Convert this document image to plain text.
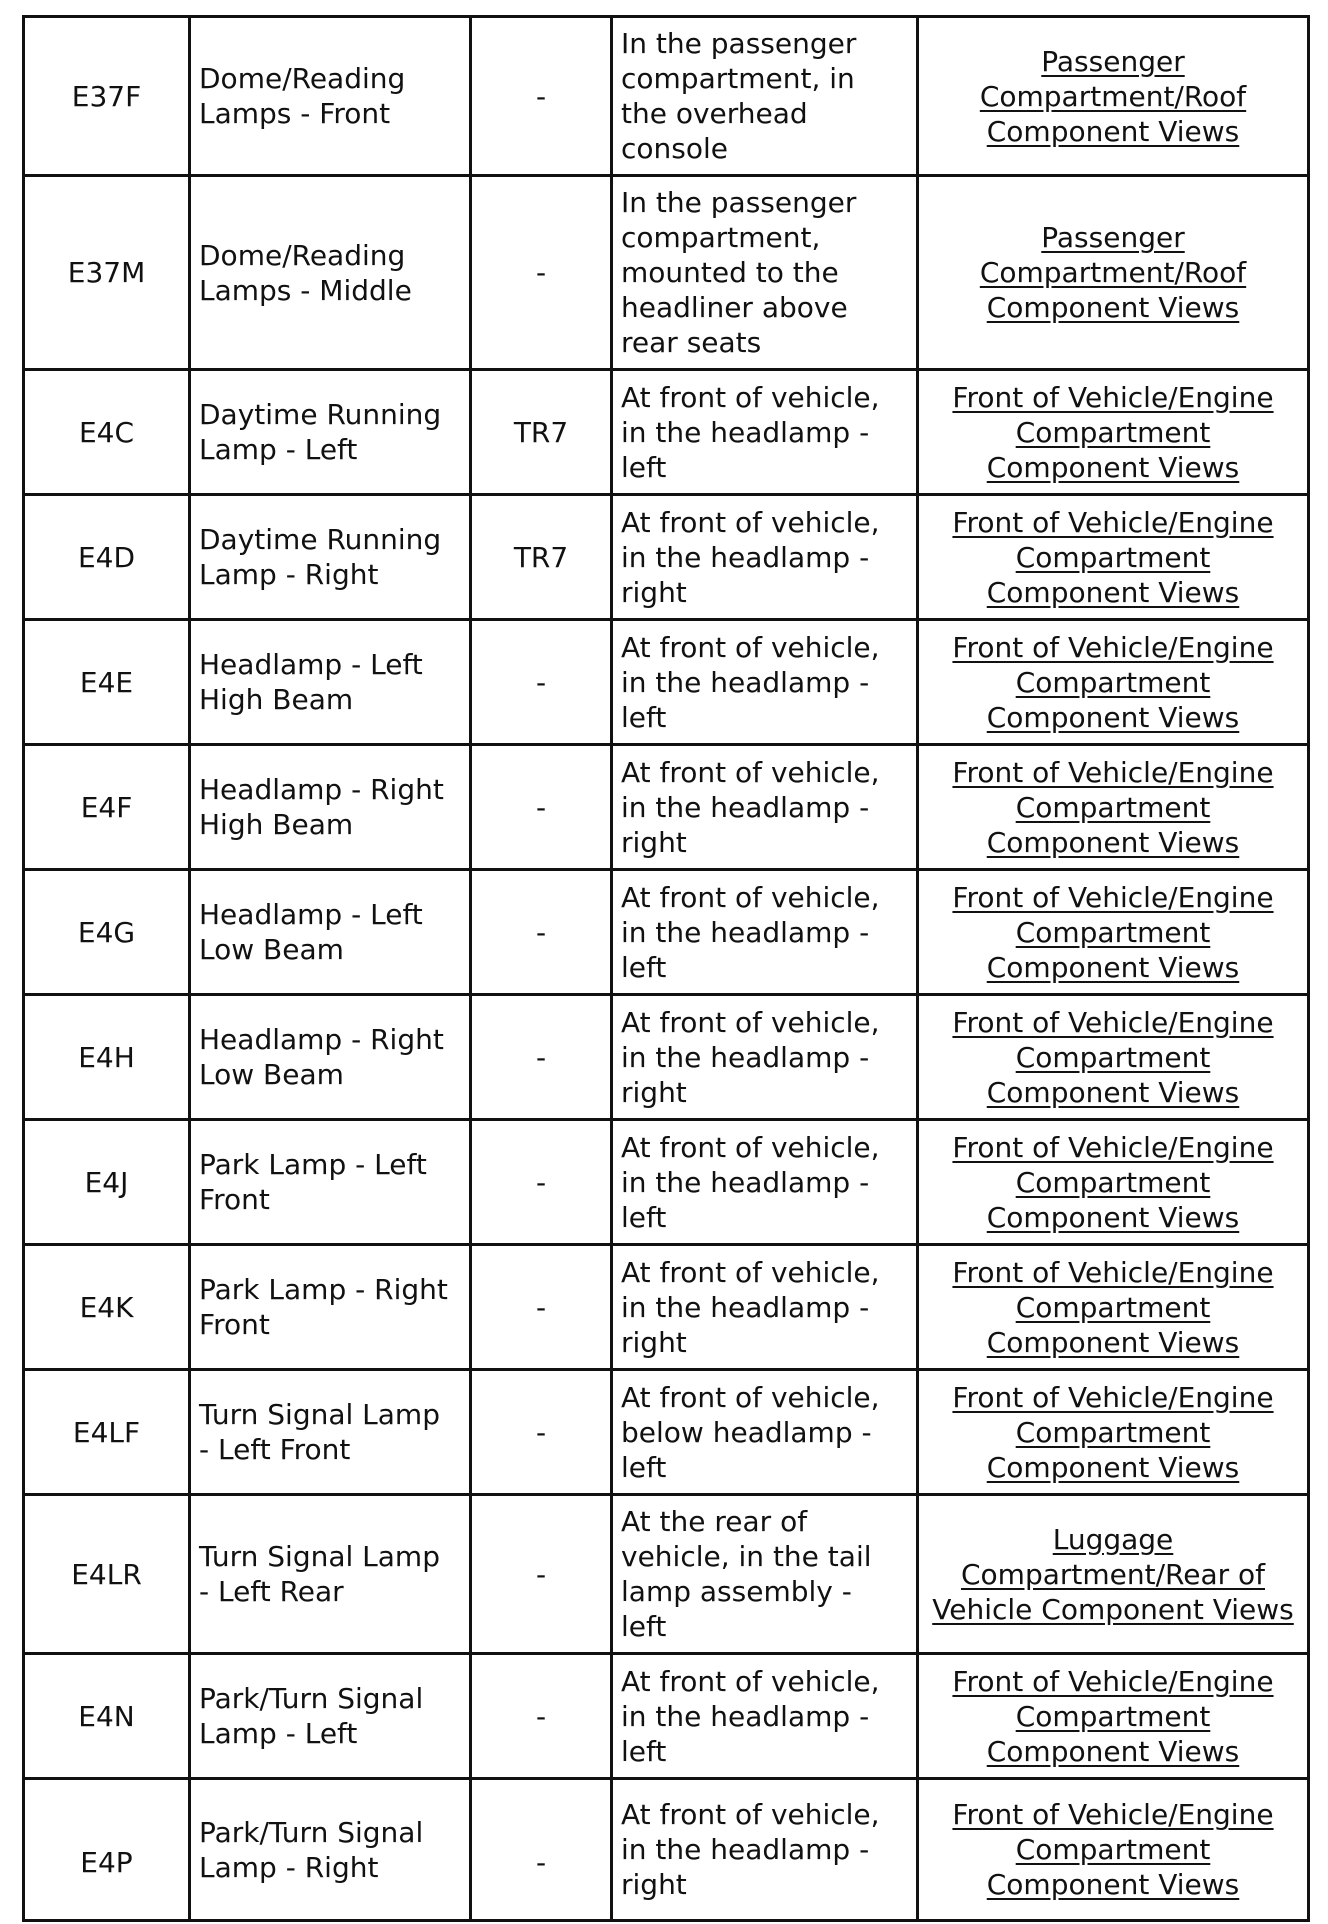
E37F	Dome/Reading
Lamps - Front	-	In the passenger
compartment, in
the overhead
console	Passenger
Compartment/Roof
Component Views
E37M	Dome/Reading
Lamps - Middle	-	In the passenger
compartment,
mounted to the
headliner above
rear seats	Passenger
Compartment/Roof
Component Views
E4C	Daytime Running
Lamp - Left	TR7	At front of vehicle,
in the headlamp -
left	Front of Vehicle/Engine
Compartment
Component Views
E4D	Daytime Running
Lamp - Right	TR7	At front of vehicle,
in the headlamp -
right	Front of Vehicle/Engine
Compartment
Component Views
E4E	Headlamp - Left
High Beam	-	At front of vehicle,
in the headlamp -
left	Front of Vehicle/Engine
Compartment
Component Views
E4F	Headlamp - Right
High Beam	-	At front of vehicle,
in the headlamp -
right	Front of Vehicle/Engine
Compartment
Component Views
E4G	Headlamp - Left
Low Beam	-	At front of vehicle,
in the headlamp -
left	Front of Vehicle/Engine
Compartment
Component Views
E4H	Headlamp - Right
Low Beam	-	At front of vehicle,
in the headlamp -
right	Front of Vehicle/Engine
Compartment
Component Views
E4J	Park Lamp - Left
Front	-	At front of vehicle,
in the headlamp -
left	Front of Vehicle/Engine
Compartment
Component Views
E4K	Park Lamp - Right
Front	-	At front of vehicle,
in the headlamp -
right	Front of Vehicle/Engine
Compartment
Component Views
E4LF	Turn Signal Lamp
- Left Front	-	At front of vehicle,
below headlamp -
left	Front of Vehicle/Engine
Compartment
Component Views
E4LR	Turn Signal Lamp
- Left Rear	-	At the rear of
vehicle, in the tail
lamp assembly -
left	Luggage
Compartment/Rear of
Vehicle Component Views
E4N	Park/Turn Signal
Lamp - Left	-	At front of vehicle,
in the headlamp -
left	Front of Vehicle/Engine
Compartment
Component Views
E4P	Park/Turn Signal
Lamp - Right	-	At front of vehicle,
in the headlamp -
right	Front of Vehicle/Engine
Compartment
Component Views
